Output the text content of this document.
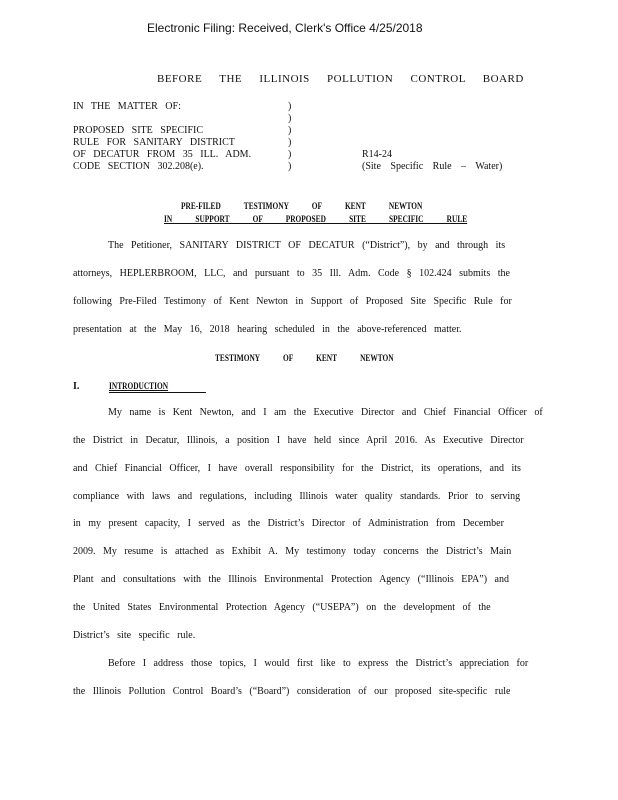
Electronic Filing: Received, Clerk's Office 4/25/2018
BEFORE THE ILLINOIS POLLUTION CONTROL BOARD
IN THE MATTER OF:
PROPOSED SITE SPECIFIC
RULE FOR SANITARY DISTRICT
OF DECATUR FROM 35 ILL. ADM.
CODE SECTION 302.208(e).
)
)
)
)
)
)
R14-24
(Site Specific Rule – Water)
PRE-FILED TESTIMONY OF KENT NEWTON
IN SUPPORT OF PROPOSED SITE SPECIFIC RULE
The Petitioner, SANITARY DISTRICT OF DECATUR (“District”), by and through its
attorneys, HEPLERBROOM, LLC, and pursuant to 35 Ill. Adm. Code § 102.424 submits the
following Pre-Filed Testimony of Kent Newton in Support of Proposed Site Specific Rule for
presentation at the May 16, 2018 hearing scheduled in the above-referenced matter.
TESTIMONY OF KENT NEWTON
I.	INTRODUCTION
My name is Kent Newton, and I am the Executive Director and Chief Financial Officer of
the District in Decatur, Illinois, a position I have held since April 2016. As Executive Director
and Chief Financial Officer, I have overall responsibility for the District, its operations, and its
compliance with laws and regulations, including Illinois water quality standards. Prior to serving
in my present capacity, I served as the District’s Director of Administration from December
2009. My resume is attached as Exhibit A. My testimony today concerns the District’s Main
Plant and consultations with the Illinois Environmental Protection Agency (“Illinois EPA”) and
the United States Environmental Protection Agency (“USEPA”) on the development of the
District’s site specific rule.
Before I address those topics, I would first like to express the District’s appreciation for
the Illinois Pollution Control Board’s (“Board”) consideration of our proposed site-specific rule
